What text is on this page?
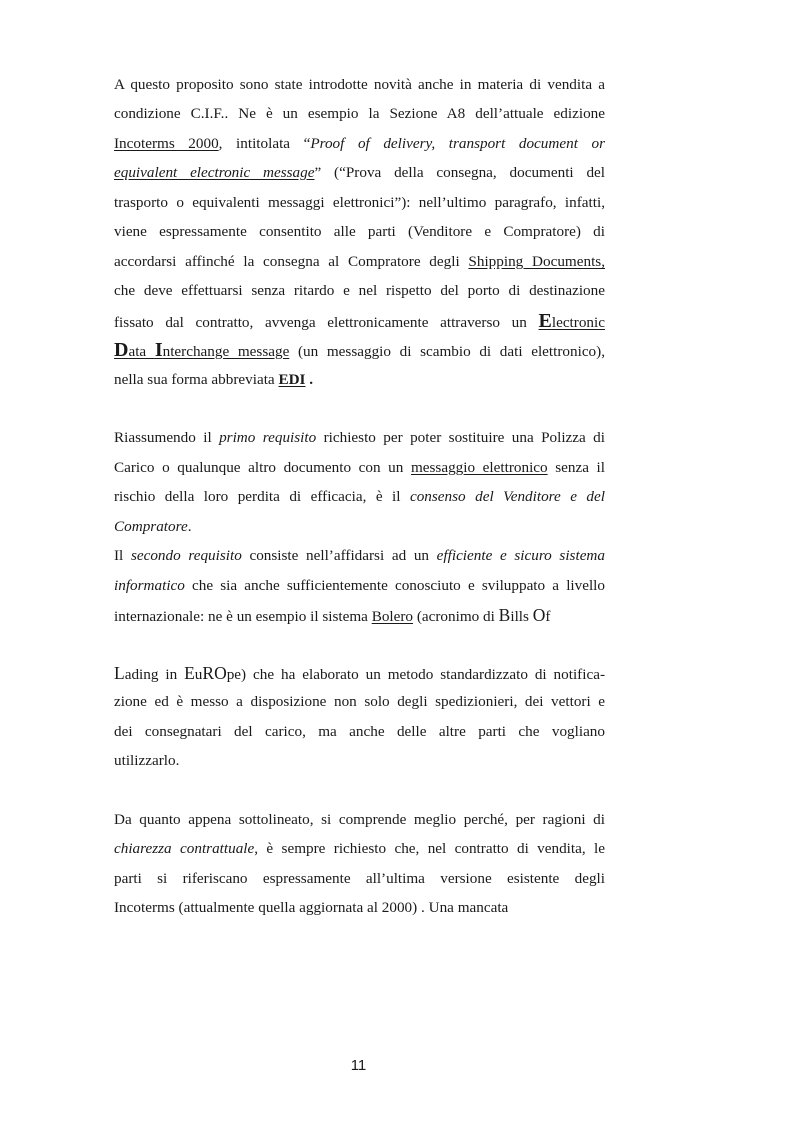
A questo proposito sono state introdotte novità anche in materia di vendita a
condizione C.I.F.. Ne è un esempio la Sezione A8 dell’attuale edizione
Incoterms 2000, intitolata “Proof of delivery, transport document or
equivalent electronic message” (“Prova della consegna, documenti del
trasporto o equivalenti messaggi elettronici”): nell’ultimo paragrafo, infatti,
viene espressamente consentito alle parti (Venditore e Compratore) di
accordarsi affinché la consegna al Compratore degli Shipping Documents,
che deve effettuarsi senza ritardo e nel rispetto del porto di destinazione
fissato dal contratto, avvenga elettronicamente attraverso un Electronic
Data Interchange message (un messaggio di scambio di dati elettronico),
nella sua forma abbreviata EDI .
Riassumendo il primo requisito richiesto per poter sostituire una Polizza di
Carico o qualunque altro documento con un messaggio elettronico senza il
rischio della loro perdita di efficacia, è il consenso del Venditore e del
Compratore.
Il secondo requisito consiste nell’affidarsi ad un efficiente e sicuro sistema
informatico che sia anche sufficientemente conosciuto e sviluppato a livello
internazionale: ne è un esempio il sistema Bolero (acronimo di Bills Of
Lading in EuROpe) che ha elaborato un metodo standardizzato di notifica-
zione ed è messo a disposizione non solo degli spedizionieri, dei vettori e
dei consegnatari del carico, ma anche delle altre parti che vogliano
utilizzarlo.
Da quanto appena sottolineato, si comprende meglio perché, per ragioni di
chiarezza contrattuale, è sempre richiesto che, nel contratto di vendita, le
parti si riferiscano espressamente all’ultima versione esistente degli
Incoterms (attualmente quella aggiornata al 2000) . Una mancata
11
